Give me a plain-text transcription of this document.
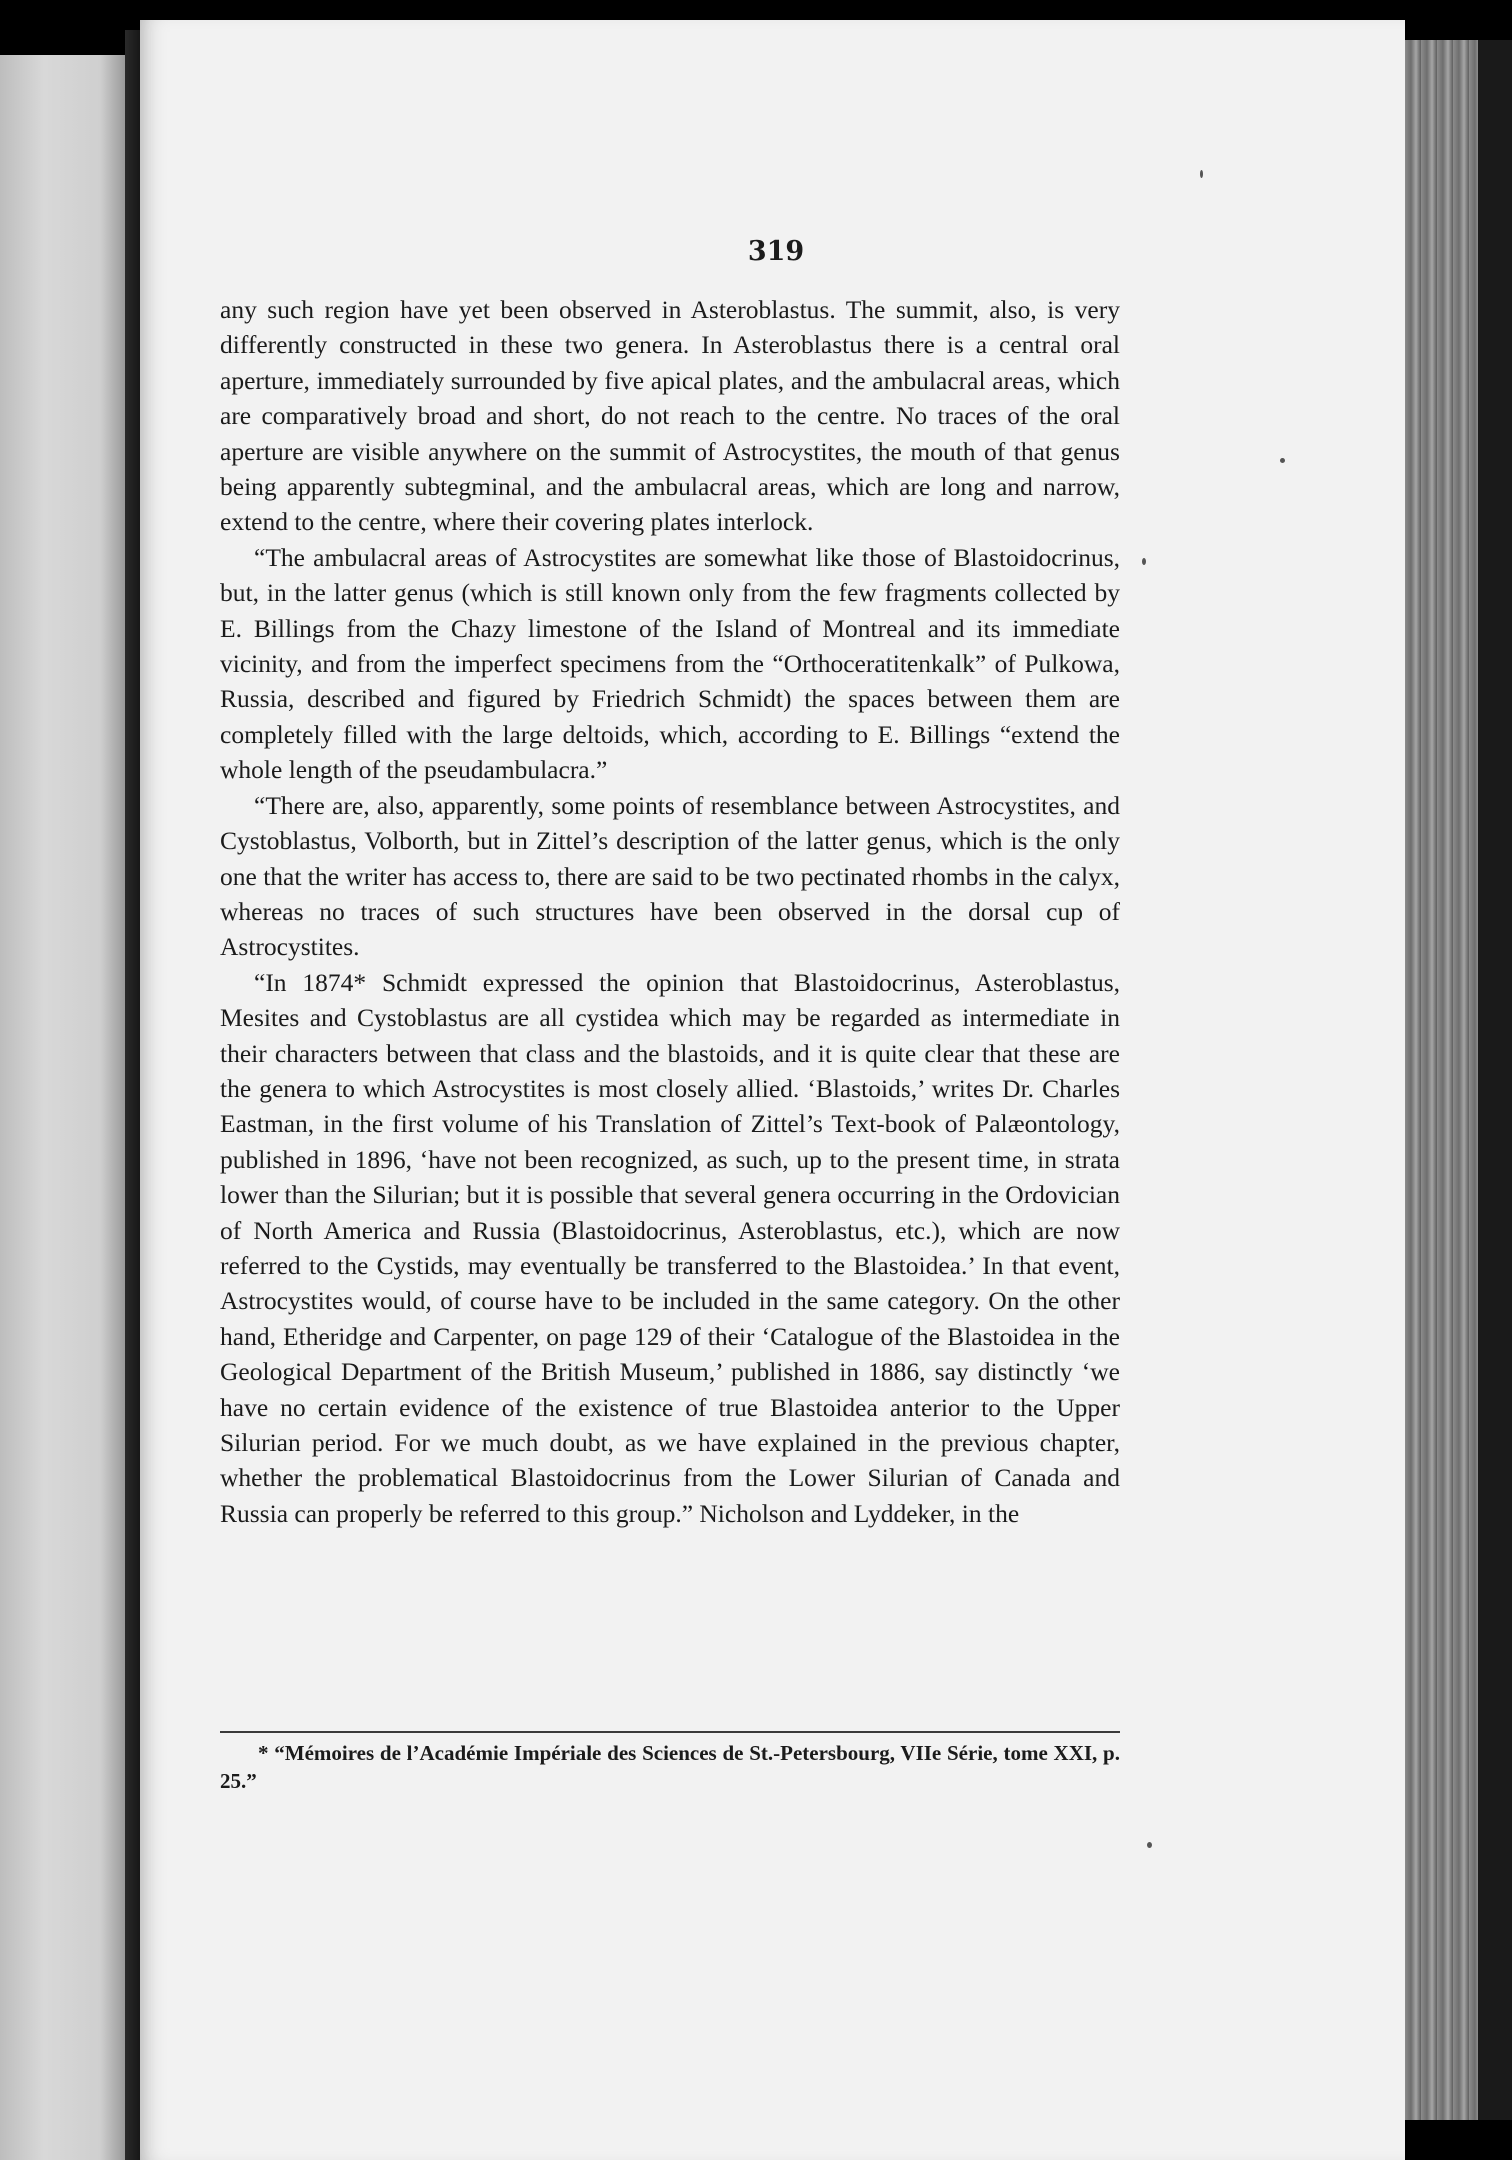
319

any such region have yet been observed in Asteroblastus. The summit, also, is very differently constructed in these two genera. In Asteroblastus there is a central oral aperture, immediately surrounded by five apical plates, and the ambulacral areas, which are comparatively broad and short, do not reach to the centre. No traces of the oral aperture are visible anywhere on the summit of Astrocystites, the mouth of that genus being apparently subtegminal, and the ambulacral areas, which are long and narrow, extend to the centre, where their covering plates interlock.

“The ambulacral areas of Astrocystites are somewhat like those of Blastoidocrinus, but, in the latter genus (which is still known only from the few fragments collected by E. Billings from the Chazy limestone of the Island of Montreal and its immediate vicinity, and from the imperfect specimens from the “Orthoceratitenkalk” of Pulkowa, Russia, described and figured by Friedrich Schmidt) the spaces between them are completely filled with the large deltoids, which, according to E. Billings “extend the whole length of the pseudambulacra.”

“There are, also, apparently, some points of resemblance between Astrocystites, and Cystoblastus, Volborth, but in Zittel’s description of the latter genus, which is the only one that the writer has access to, there are said to be two pectinated rhombs in the calyx, whereas no traces of such structures have been observed in the dorsal cup of Astrocystites.

“In 1874* Schmidt expressed the opinion that Blastoidocrinus, Asteroblastus, Mesites and Cystoblastus are all cystidea which may be regarded as intermediate in their characters between that class and the blastoids, and it is quite clear that these are the genera to which Astrocystites is most closely allied. ‘Blastoids,’ writes Dr. Charles Eastman, in the first volume of his Translation of Zittel’s Text-book of Palæontology, published in 1896, ‘have not been recognized, as such, up to the present time, in strata lower than the Silurian; but it is possible that several genera occurring in the Ordovician of North America and Russia (Blastoidocrinus, Asteroblastus, etc.), which are now referred to the Cystids, may eventually be transferred to the Blastoidea.’ In that event, Astrocystites would, of course have to be included in the same category. On the other hand, Etheridge and Carpenter, on page 129 of their ‘Catalogue of the Blastoidea in the Geological Department of the British Museum,’ published in 1886, say distinctly ‘we have no certain evidence of the existence of true Blastoidea anterior to the Upper Silurian period. For we much doubt, as we have explained in the previous chapter, whether the problematical Blastoidocrinus from the Lower Silurian of Canada and Russia can properly be referred to this group.” Nicholson and Lyddeker, in the

* “Mémoires de l’Académie Impériale des Sciences de St.-Petersbourg, VIIe Série, tome XXI, p. 25.”
